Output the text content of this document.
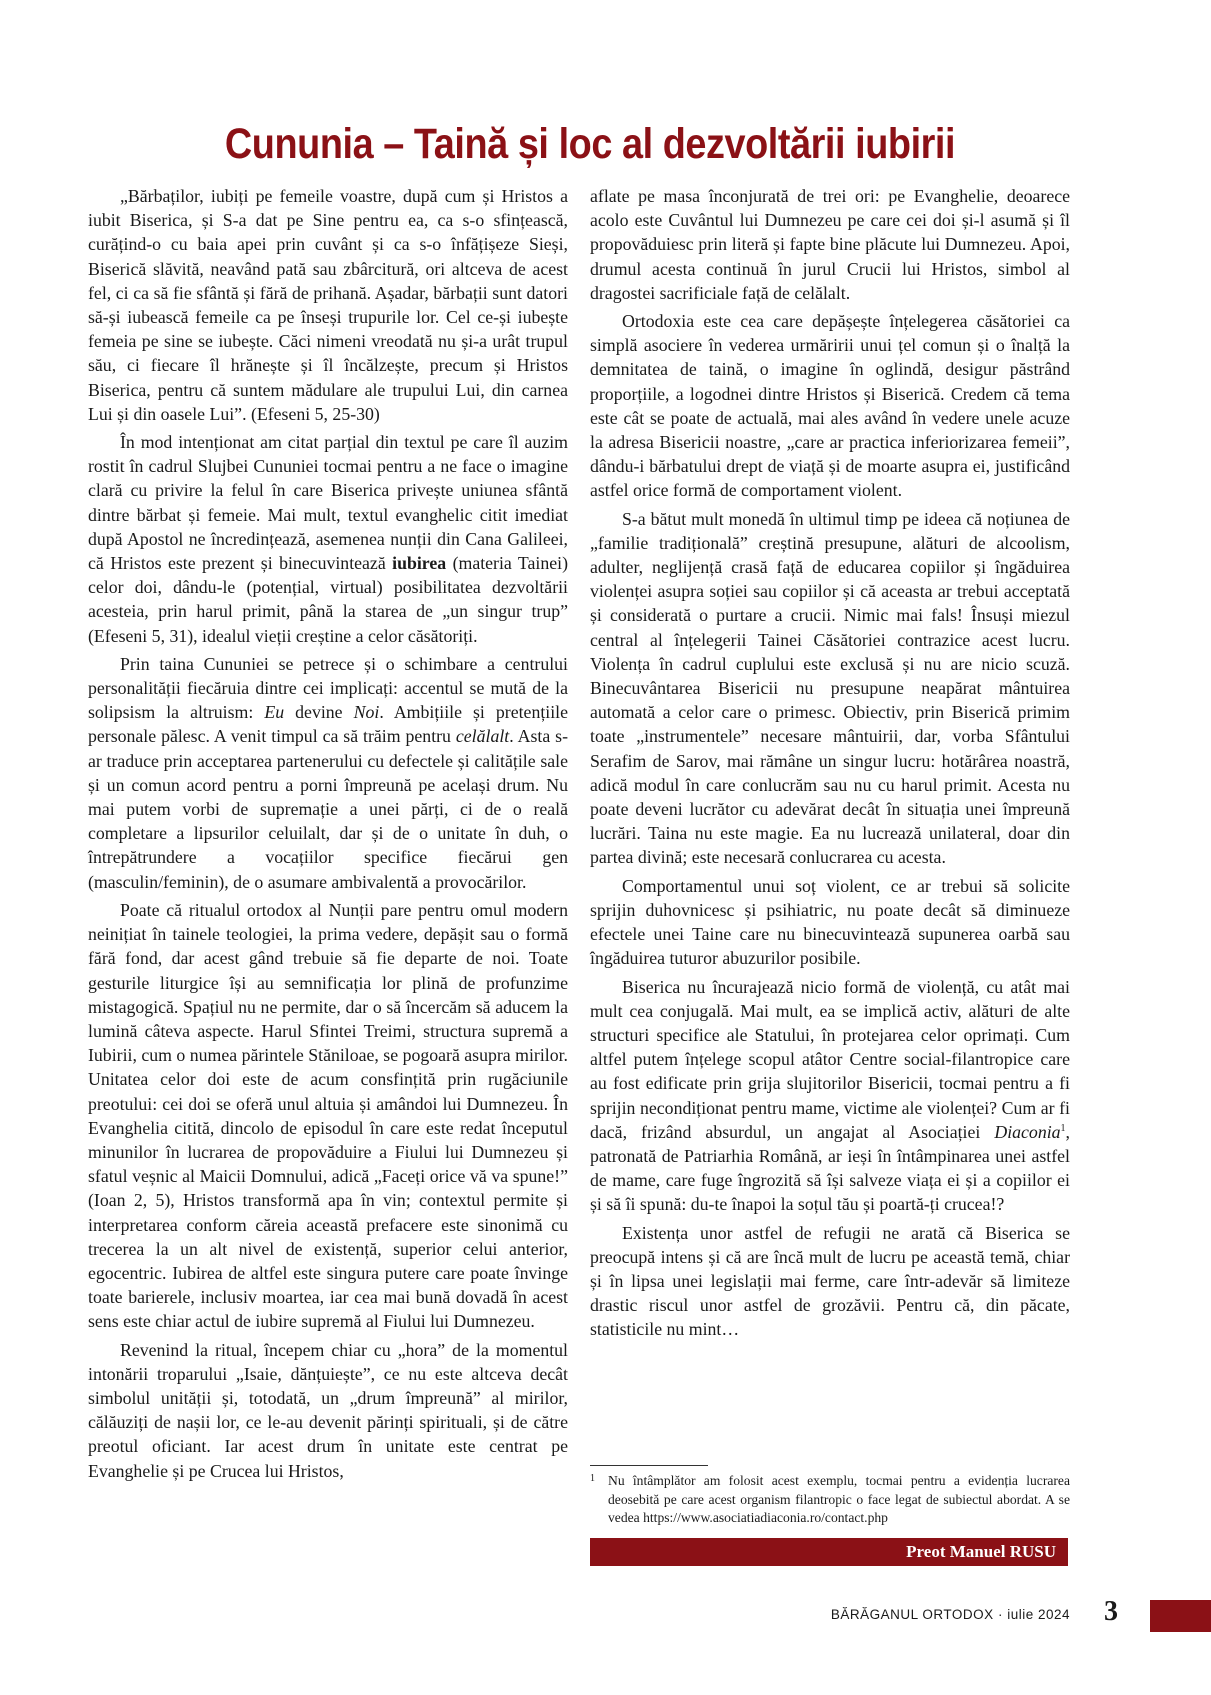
Cununia – Taină și loc al dezvoltării iubirii

„Bărbaților, iubiți pe femeile voastre, după cum și Hristos a iubit Biserica, și S-a dat pe Sine pentru ea, ca s-o sfințească, curățind-o cu baia apei prin cuvânt și ca s-o înfățișeze Sieși, Biserică slăvită, neavând pată sau zbârcitură, ori altceva de acest fel, ci ca să fie sfântă și fără de prihană. Așadar, bărbații sunt datori să-și iubească femeile ca pe înseși trupurile lor. Cel ce-și iubește femeia pe sine se iubește. Căci nimeni vreodată nu și-a urât trupul său, ci fiecare îl hrănește și îl încălzește, precum și Hristos Biserica, pentru că suntem mădulare ale trupului Lui, din carnea Lui și din oasele Lui”. (Efeseni 5, 25-30)

În mod intenționat am citat parțial din textul pe care îl auzim rostit în cadrul Slujbei Cununiei tocmai pentru a ne face o imagine clară cu privire la felul în care Biserica privește uniunea sfântă dintre bărbat și femeie. Mai mult, textul evanghelic citit imediat după Apostol ne încredințează, asemenea nunții din Cana Galileei, că Hristos este prezent și binecuvintează iubirea (materia Tainei) celor doi, dându-le (potențial, virtual) posibilitatea dezvoltării acesteia, prin harul primit, până la starea de „un singur trup” (Efeseni 5, 31), idealul vieții creștine a celor căsătoriți.

Prin taina Cununiei se petrece și o schimbare a centrului personalității fiecăruia dintre cei implicați: accentul se mută de la solipsism la altruism: Eu devine Noi. Ambițiile și pretențiile personale pălesc. A venit timpul ca să trăim pentru celălalt. Asta s-ar traduce prin acceptarea partenerului cu defectele și calitățile sale și un comun acord pentru a porni împreună pe același drum. Nu mai putem vorbi de supremație a unei părți, ci de o reală completare a lipsurilor celuilalt, dar și de o unitate în duh, o întrepătrundere a vocațiilor specifice fiecărui gen (masculin/feminin), de o asumare ambivalentă a provocărilor.

Poate că ritualul ortodox al Nunții pare pentru omul modern neinițiat în tainele teologiei, la prima vedere, depășit sau o formă fără fond, dar acest gând trebuie să fie departe de noi. Toate gesturile liturgice își au semnificația lor plină de profunzime mistagogică. Spațiul nu ne permite, dar o să încercăm să aducem la lumină câteva aspecte. Harul Sfintei Treimi, structura supremă a Iubirii, cum o numea părintele Stăniloae, se pogoară asupra mirilor. Unitatea celor doi este de acum consfințită prin rugăciunile preotului: cei doi se oferă unul altuia și amândoi lui Dumnezeu. În Evanghelia citită, dincolo de episodul în care este redat începutul minunilor în lucrarea de propovăduire a Fiului lui Dumnezeu și sfatul veșnic al Maicii Domnului, adică „Faceți orice vă va spune!” (Ioan 2, 5), Hristos transformă apa în vin; contextul permite și interpretarea conform căreia această prefacere este sinonimă cu trecerea la un alt nivel de existență, superior celui anterior, egocentric. Iubirea de altfel este singura putere care poate învinge toate barierele, inclusiv moartea, iar cea mai bună dovadă în acest sens este chiar actul de iubire supremă al Fiului lui Dumnezeu.

Revenind la ritual, începem chiar cu „hora” de la momentul intonării troparului „Isaie, dănțuiește”, ce nu este altceva decât simbolul unității și, totodată, un „drum împreună” al mirilor, călăuziți de nașii lor, ce le-au devenit părinți spirituali, și de către preotul oficiant. Iar acest drum în unitate este centrat pe Evanghelie și pe Crucea lui Hristos,

aflate pe masa înconjurată de trei ori: pe Evanghelie, deoarece acolo este Cuvântul lui Dumnezeu pe care cei doi și-l asumă și îl propovăduiesc prin literă și fapte bine plăcute lui Dumnezeu. Apoi, drumul acesta continuă în jurul Crucii lui Hristos, simbol al dragostei sacrificiale față de celălalt.

Ortodoxia este cea care depășește înțelegerea căsătoriei ca simplă asociere în vederea urmăririi unui țel comun și o înalță la demnitatea de taină, o imagine în oglindă, desigur păstrând proporțiile, a logodnei dintre Hristos și Biserică. Credem că tema este cât se poate de actuală, mai ales având în vedere unele acuze la adresa Bisericii noastre, „care ar practica inferiorizarea femeii”, dându-i bărbatului drept de viață și de moarte asupra ei, justificând astfel orice formă de comportament violent.

S-a bătut mult monedă în ultimul timp pe ideea că noțiunea de „familie tradițională” creștină presupune, alături de alcoolism, adulter, neglijență crasă față de educarea copiilor și îngăduirea violenței asupra soției sau copiilor și că aceasta ar trebui acceptată și considerată o purtare a crucii. Nimic mai fals! Însuși miezul central al înțelegerii Tainei Căsătoriei contrazice acest lucru. Violența în cadrul cuplului este exclusă și nu are nicio scuză. Binecuvântarea Bisericii nu presupune neapărat mântuirea automată a celor care o primesc. Obiectiv, prin Biserică primim toate „instrumentele” necesare mântuirii, dar, vorba Sfântului Serafim de Sarov, mai rămâne un singur lucru: hotărârea noastră, adică modul în care conlucrăm sau nu cu harul primit. Acesta nu poate deveni lucrător cu adevărat decât în situația unei împreună lucrări. Taina nu este magie. Ea nu lucrează unilateral, doar din partea divină; este necesară conlucrarea cu acesta.

Comportamentul unui soț violent, ce ar trebui să solicite sprijin duhovnicesc și psihiatric, nu poate decât să diminueze efectele unei Taine care nu binecuvintează supunerea oarbă sau îngăduirea tuturor abuzurilor posibile.

Biserica nu încurajează nicio formă de violență, cu atât mai mult cea conjugală. Mai mult, ea se implică activ, alături de alte structuri specifice ale Statului, în protejarea celor oprimați. Cum altfel putem înțelege scopul atâtor Centre social-filantropice care au fost edificate prin grija slujitorilor Bisericii, tocmai pentru a fi sprijin necondiționat pentru mame, victime ale violenței? Cum ar fi dacă, frizând absurdul, un angajat al Asociației Diaconia$^1$, patronată de Patriarhia Română, ar ieși în întâmpinarea unei astfel de mame, care fuge îngrozită să își salveze viața ei și a copiilor ei și să îi spună: du-te înapoi la soțul tău și poartă-ți crucea!?

Existența unor astfel de refugii ne arată că Biserica se preocupă intens și că are încă mult de lucru pe această temă, chiar și în lipsa unei legislații mai ferme, care într-adevăr să limiteze drastic riscul unor astfel de grozăvii. Pentru că, din păcate, statisticile nu mint…

1 Nu întâmplător am folosit acest exemplu, tocmai pentru a evidenția lucrarea deosebită pe care acest organism filantropic o face legat de subiectul abordat. A se vedea https://www.asociatiadiaconia.ro/contact.php
Preot Manuel RUSU
BĂRĂGANUL ORTODOX · iulie 2024 3
